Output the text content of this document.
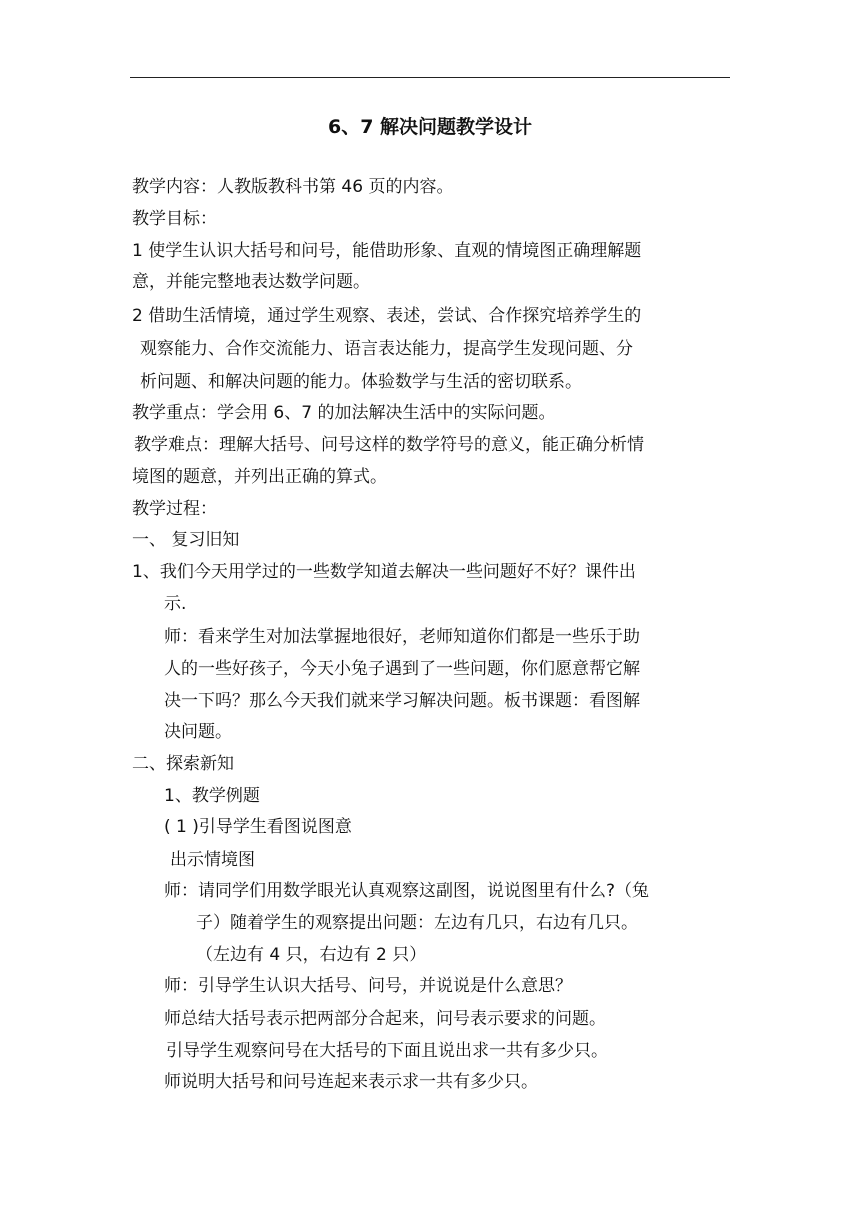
6、7 解决问题教学设计
教学内容：人教版教科书第 46 页的内容。
教学目标：
1 使学生认识大括号和问号，能借助形象、直观的情境图正确理解题
意，并能完整地表达数学问题。
2 借助生活情境，通过学生观察、表述，尝试、合作探究培养学生的
观察能力、合作交流能力、语言表达能力，提高学生发现问题、分
析问题、和解决问题的能力。体验数学与生活的密切联系。
教学重点：学会用 6、7 的加法解决生活中的实际问题。
教学难点：理解大括号、问号这样的数学符号的意义，能正确分析情
境图的题意，并列出正确的算式。
教学过程：
一、 复习旧知
1、我们今天用学过的一些数学知道去解决一些问题好不好？课件出
示.
师：看来学生对加法掌握地很好，老师知道你们都是一些乐于助
人的一些好孩子，今天小兔子遇到了一些问题，你们愿意帮它解
决一下吗？那么今天我们就来学习解决问题。板书课题：看图解
决问题。
二、探索新知
1、教学例题
( 1 )引导学生看图说图意
出示情境图
师：请同学们用数学眼光认真观察这副图，说说图里有什么?（兔
子）随着学生的观察提出问题：左边有几只，右边有几只。
（左边有 4 只，右边有 2 只）
师：引导学生认识大括号、问号，并说说是什么意思？
师总结大括号表示把两部分合起来，问号表示要求的问题。
引导学生观察问号在大括号的下面且说出求一共有多少只。
师说明大括号和问号连起来表示求一共有多少只。
